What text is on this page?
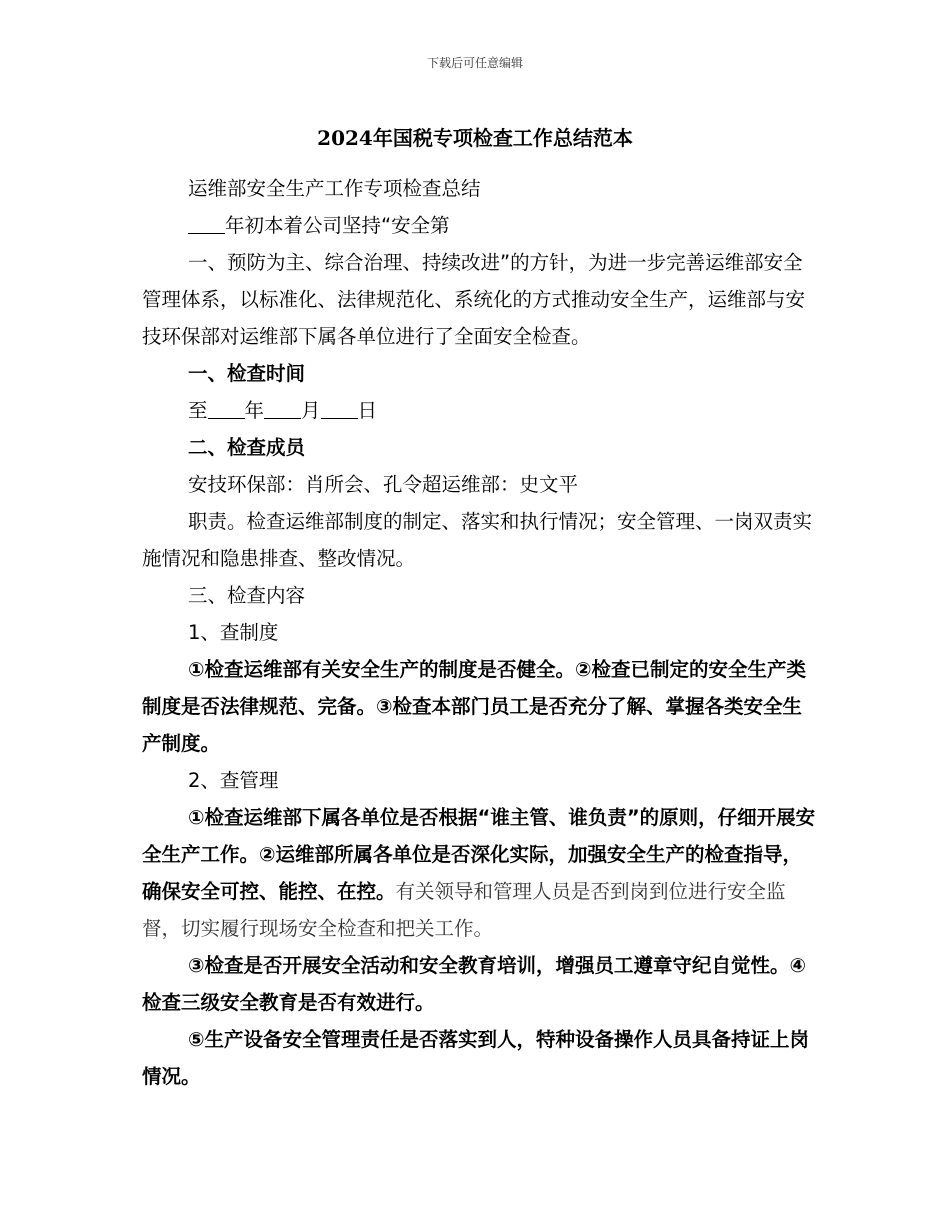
下载后可任意编辑
2024年国税专项检查工作总结范本

运维部安全生产工作专项检查总结

年初本着公司坚持“安全第

一、预防为主、综合治理、持续改进”的方针，为进一步完善运维部安全管理体系，以标准化、法律规范化、系统化的方式推动安全生产，运维部与安技环保部对运维部下属各单位进行了全面安全检查。

一、检查时间

至 年 月 日

二、检查成员

安技环保部：肖所会、孔令超运维部：史文平

职责。检查运维部制度的制定、落实和执行情况；安全管理、一岗双责实施情况和隐患排查、整改情况。

三、检查内容

1、查制度

①检查运维部有关安全生产的制度是否健全。②检查已制定的安全生产类制度是否法律规范、完备。③检查本部门员工是否充分了解、掌握各类安全生产制度。

2、查管理

①检查运维部下属各单位是否根据“谁主管、谁负责”的原则，仔细开展安全生产工作。②运维部所属各单位是否深化实际，加强安全生产的检查指导，确保安全可控、能控、在控。有关领导和管理人员是否到岗到位进行安全监督，切实履行现场安全检查和把关工作。

③检查是否开展安全活动和安全教育培训，增强员工遵章守纪自觉性。④检查三级安全教育是否有效进行。

⑤生产设备安全管理责任是否落实到人，特种设备操作人员具备持证上岗情况。
